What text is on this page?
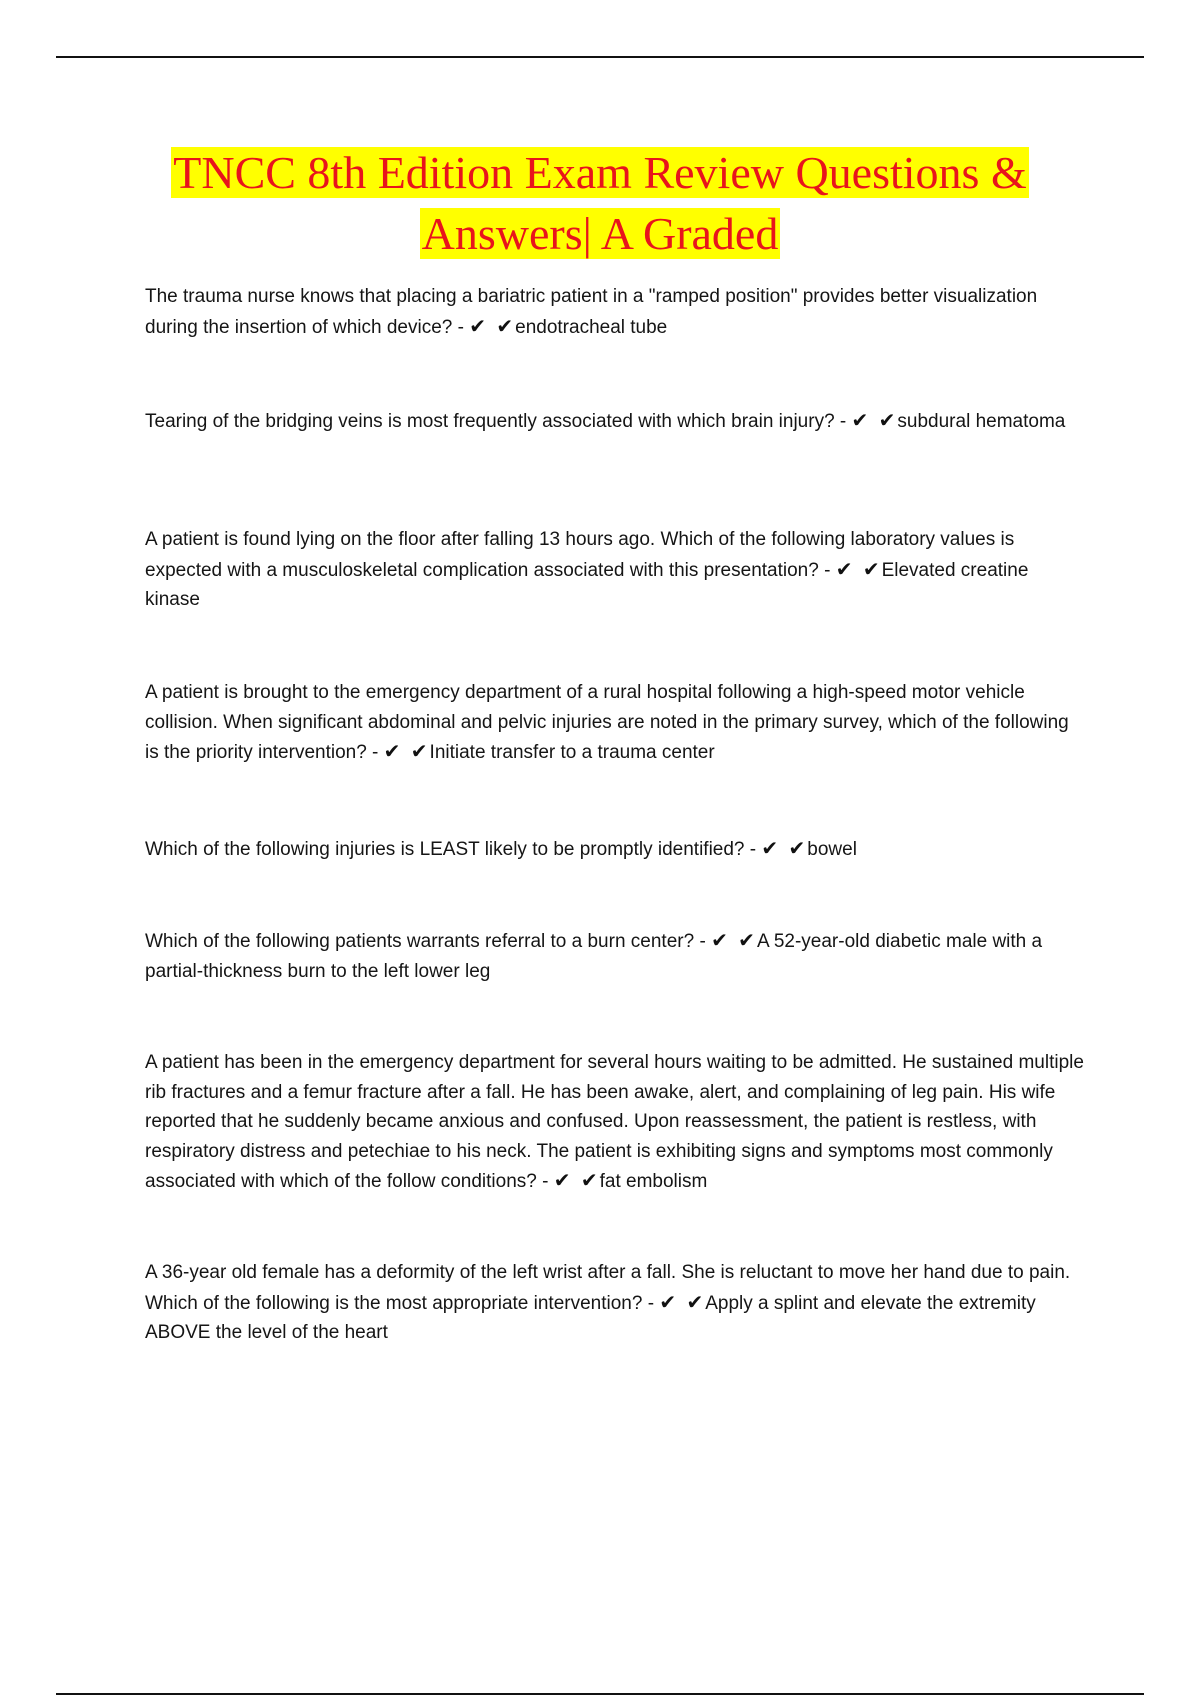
TNCC 8th Edition Exam Review Questions &
Answers| A Graded

The trauma nurse knows that placing a bariatric patient in a "ramped position" provides better visualization during the insertion of which device? - ✔ ✔endotracheal tube

Tearing of the bridging veins is most frequently associated with which brain injury? - ✔ ✔subdural hematoma

A patient is found lying on the floor after falling 13 hours ago. Which of the following laboratory values is expected with a musculoskeletal complication associated with this presentation? - ✔ ✔Elevated creatine kinase

A patient is brought to the emergency department of a rural hospital following a high-speed motor vehicle collision. When significant abdominal and pelvic injuries are noted in the primary survey, which of the following is the priority intervention? - ✔ ✔Initiate transfer to a trauma center

Which of the following injuries is LEAST likely to be promptly identified? - ✔ ✔bowel

Which of the following patients warrants referral to a burn center? - ✔ ✔A 52-year-old diabetic male with a partial-thickness burn to the left lower leg

A patient has been in the emergency department for several hours waiting to be admitted. He sustained multiple rib fractures and a femur fracture after a fall. He has been awake, alert, and complaining of leg pain. His wife reported that he suddenly became anxious and confused. Upon reassessment, the patient is restless, with respiratory distress and petechiae to his neck. The patient is exhibiting signs and symptoms most commonly associated with which of the follow conditions? - ✔ ✔fat embolism

A 36-year old female has a deformity of the left wrist after a fall. She is reluctant to move her hand due to pain. Which of the following is the most appropriate intervention? - ✔ ✔Apply a splint and elevate the extremity ABOVE the level of the heart
